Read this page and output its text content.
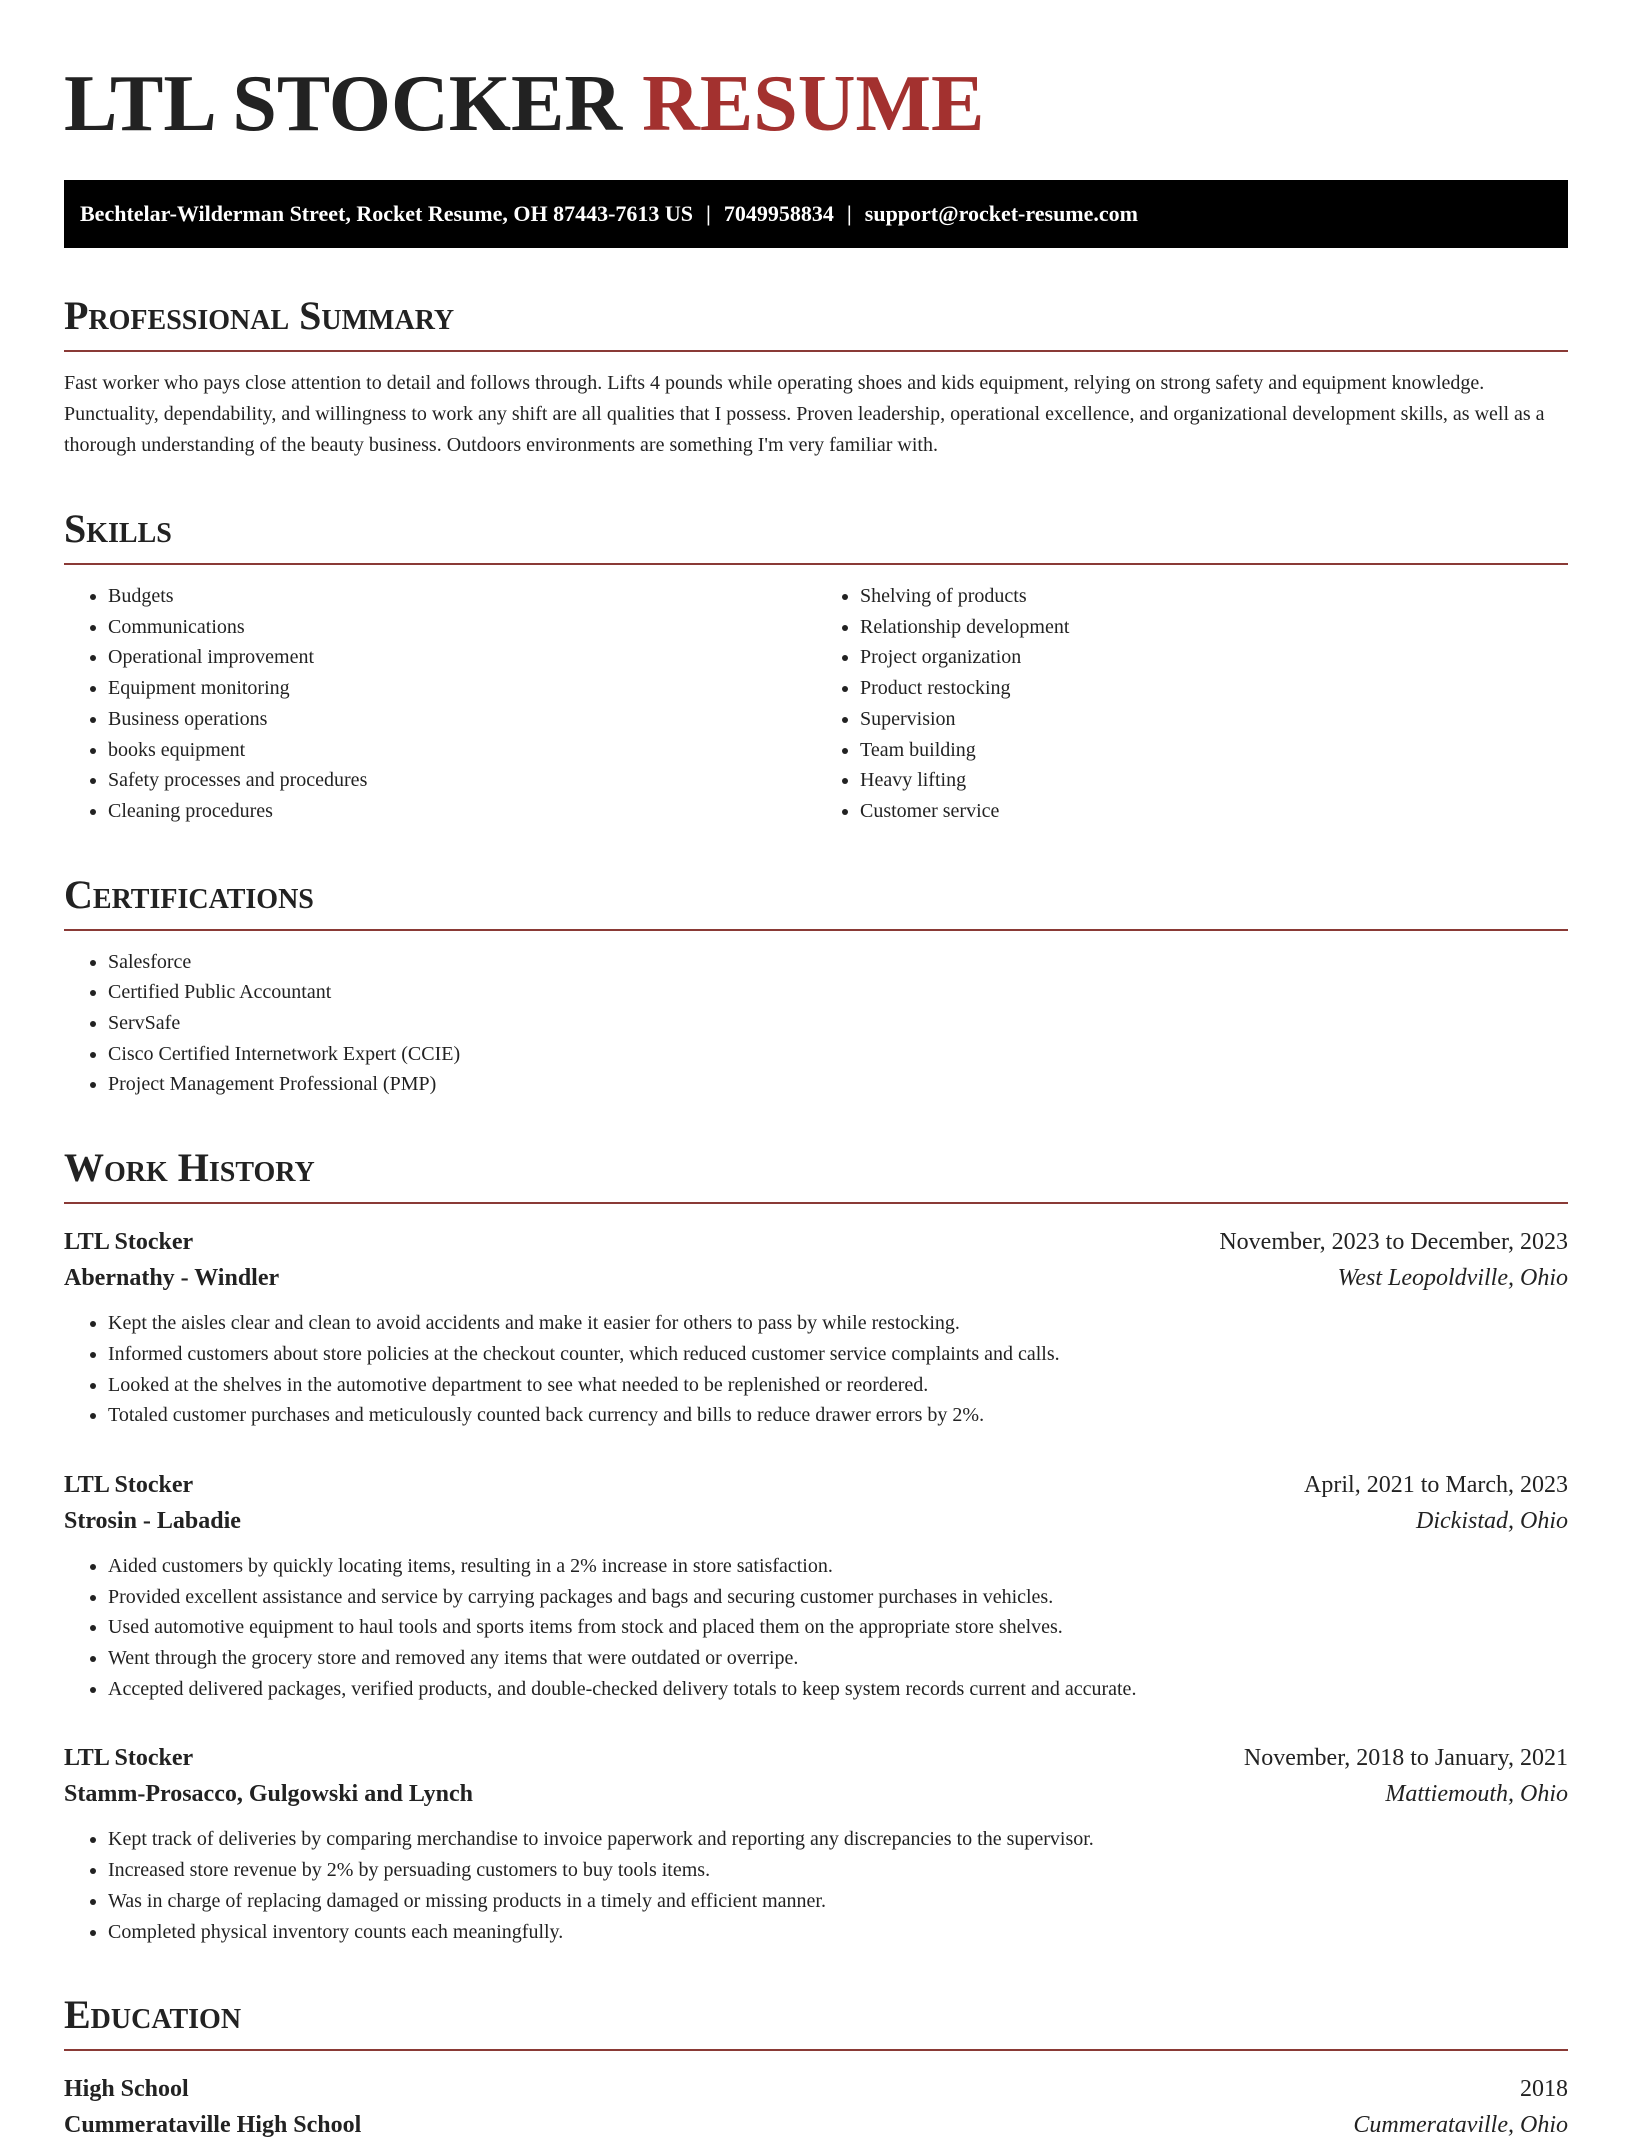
LTL STOCKER RESUME
Bechtelar-Wilderman Street, Rocket Resume, OH 87443-7613 US | 7049958834 | support@rocket-resume.com
Professional Summary
Fast worker who pays close attention to detail and follows through. Lifts 4 pounds while operating shoes and kids equipment, relying on strong safety and equipment knowledge. Punctuality, dependability, and willingness to work any shift are all qualities that I possess. Proven leadership, operational excellence, and organizational development skills, as well as a thorough understanding of the beauty business. Outdoors environments are something I'm very familiar with.
Skills
• Budgets
• Communications
• Operational improvement
• Equipment monitoring
• Business operations
• books equipment
• Safety processes and procedures
• Cleaning procedures
• Shelving of products
• Relationship development
• Project organization
• Product restocking
• Supervision
• Team building
• Heavy lifting
• Customer service
Certifications
• Salesforce
• Certified Public Accountant
• ServSafe
• Cisco Certified Internetwork Expert (CCIE)
• Project Management Professional (PMP)
Work History
LTL Stocker	November, 2023 to December, 2023
Abernathy - Windler	West Leopoldville, Ohio
• Kept the aisles clear and clean to avoid accidents and make it easier for others to pass by while restocking.
• Informed customers about store policies at the checkout counter, which reduced customer service complaints and calls.
• Looked at the shelves in the automotive department to see what needed to be replenished or reordered.
• Totaled customer purchases and meticulously counted back currency and bills to reduce drawer errors by 2%.
LTL Stocker	April, 2021 to March, 2023
Strosin - Labadie	Dickistad, Ohio
• Aided customers by quickly locating items, resulting in a 2% increase in store satisfaction.
• Provided excellent assistance and service by carrying packages and bags and securing customer purchases in vehicles.
• Used automotive equipment to haul tools and sports items from stock and placed them on the appropriate store shelves.
• Went through the grocery store and removed any items that were outdated or overripe.
• Accepted delivered packages, verified products, and double-checked delivery totals to keep system records current and accurate.
LTL Stocker	November, 2018 to January, 2021
Stamm-Prosacco, Gulgowski and Lynch	Mattiemouth, Ohio
• Kept track of deliveries by comparing merchandise to invoice paperwork and reporting any discrepancies to the supervisor.
• Increased store revenue by 2% by persuading customers to buy tools items.
• Was in charge of replacing damaged or missing products in a timely and efficient manner.
• Completed physical inventory counts each meaningfully.
Education
High School	2018
Cummerataville High School	Cummerataville, Ohio
